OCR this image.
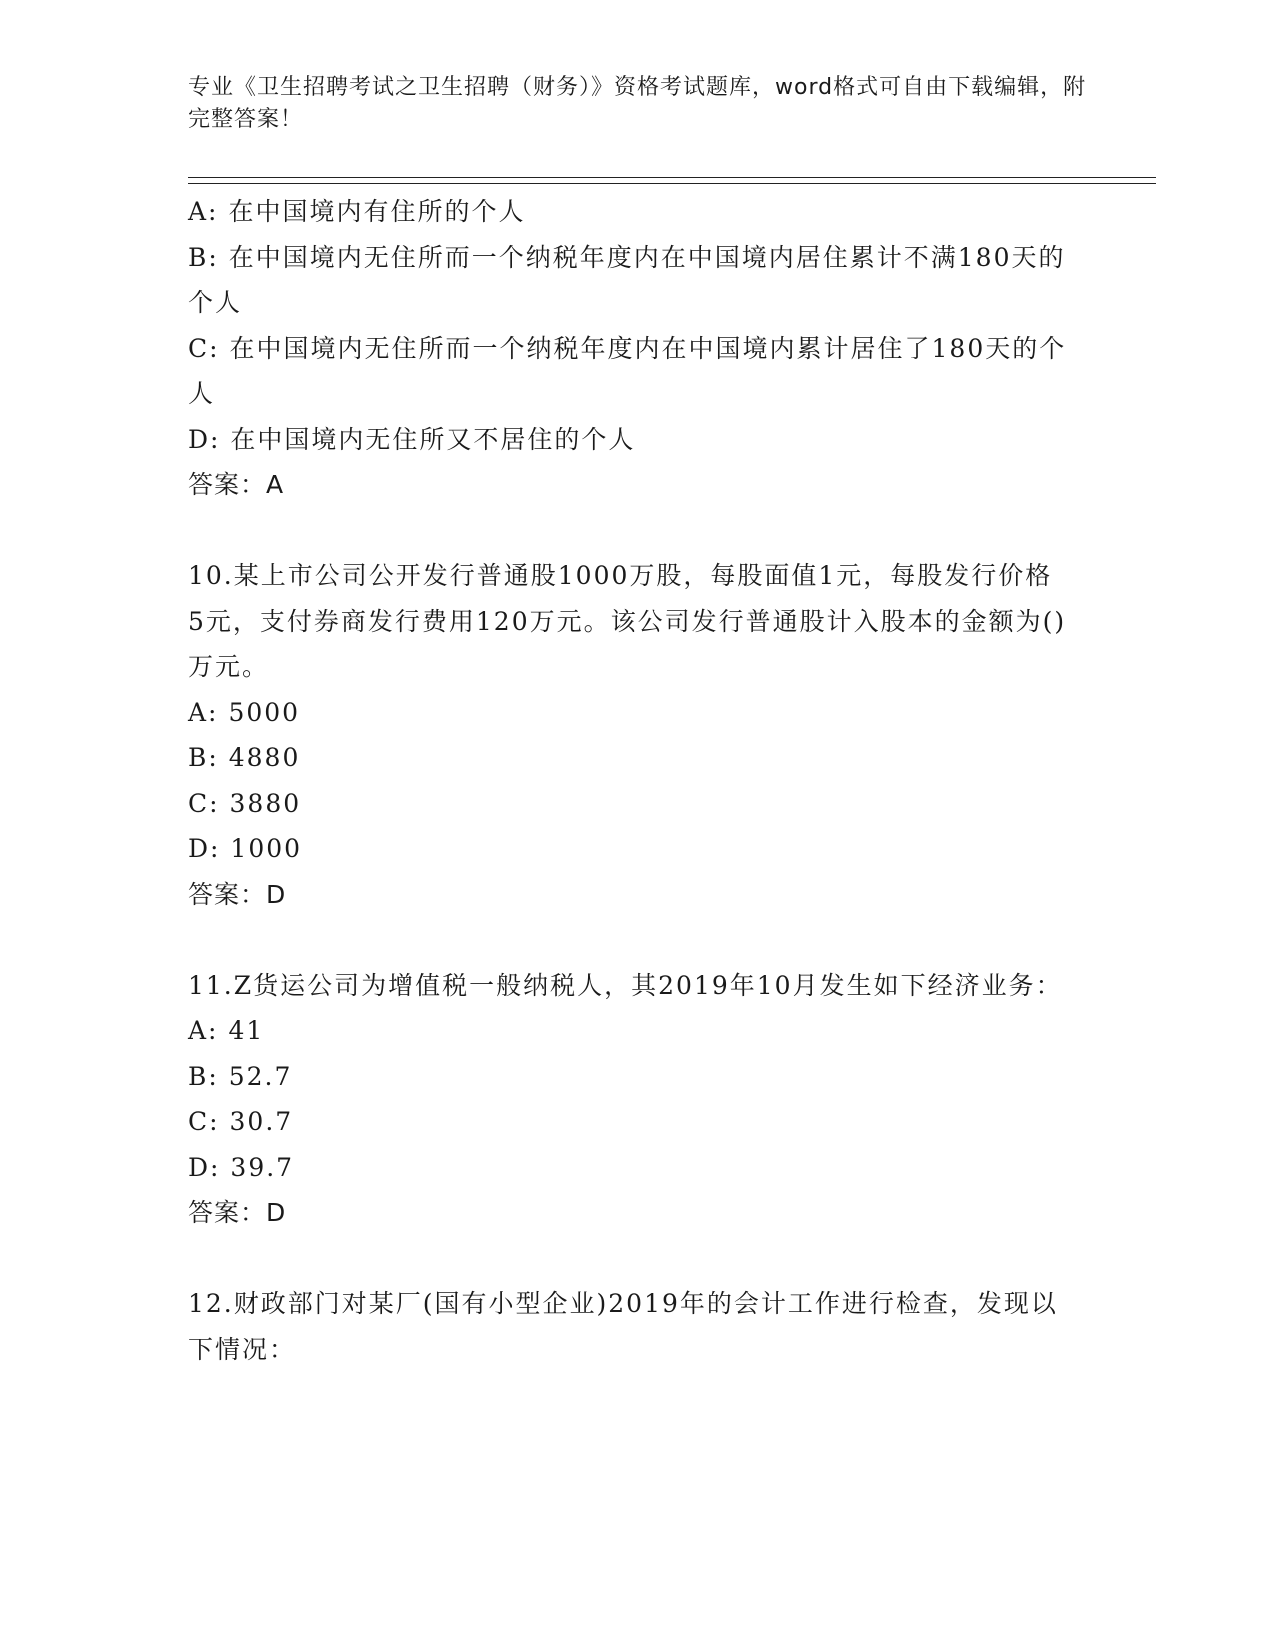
专业《卫生招聘考试之卫生招聘（财务）》资格考试题库，word格式可自由下载编辑，附完整答案！
A: 在中国境内有住所的个人
B: 在中国境内无住所而一个纳税年度内在中国境内居住累计不满180天的个人
C: 在中国境内无住所而一个纳税年度内在中国境内累计居住了180天的个人
D: 在中国境内无住所又不居住的个人
答案：A
10.某上市公司公开发行普通股1000万股，每股面值1元，每股发行价格5元，支付券商发行费用120万元。该公司发行普通股计入股本的金额为()万元。
A: 5000
B: 4880
C: 3880
D: 1000
答案：D
11.Z货运公司为增值税一般纳税人，其2019年10月发生如下经济业务：
A: 41
B: 52.7
C: 30.7
D: 39.7
答案：D
12.财政部门对某厂(国有小型企业)2019年的会计工作进行检查，发现以下情况：
